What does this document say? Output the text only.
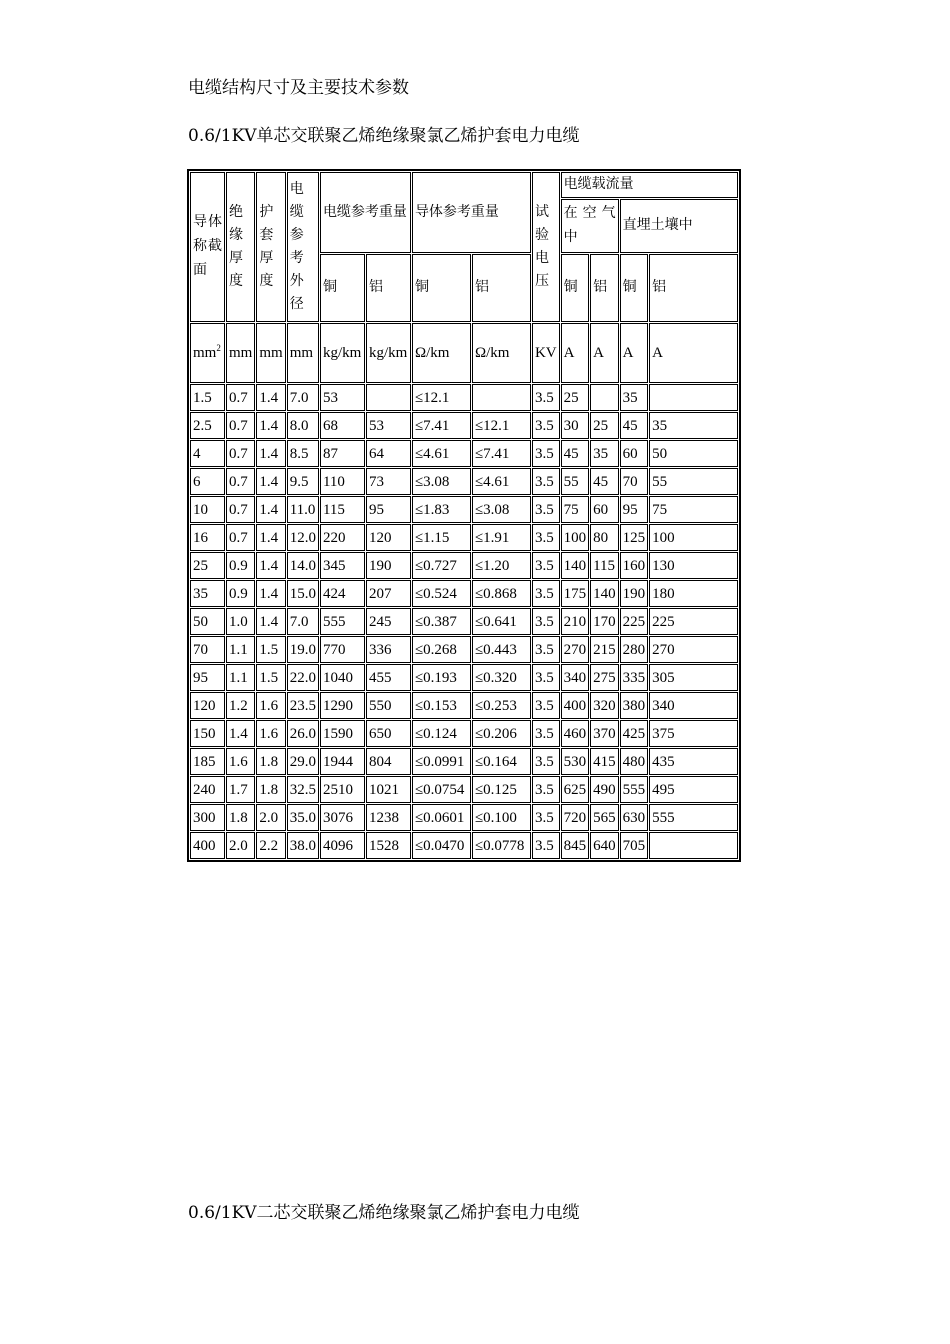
电缆结构尺寸及主要技术参数
0.6/1KV单芯交联聚乙烯绝缘聚氯乙烯护套电力电缆
导体称截面	绝缘厚度	护套厚度	电缆参考外径	电缆参考重量		导体参考重量		试验电压	电缆载流量			
									在空气中		直埋土壤中	
				铜	铝	铜	铝		铜	铝	铜	铝
$mm^2$	mm	mm	mm	kg/km	kg/km	Ω/km	Ω/km	KV	A	A	A	A
1.5	0.7	1.4	7.0	53		≤12.1		3.5	25		35	
2.5	0.7	1.4	8.0	68	53	≤7.41	≤12.1	3.5	30	25	45	35
4	0.7	1.4	8.5	87	64	≤4.61	≤7.41	3.5	45	35	60	50
6	0.7	1.4	9.5	110	73	≤3.08	≤4.61	3.5	55	45	70	55
10	0.7	1.4	11.0	115	95	≤1.83	≤3.08	3.5	75	60	95	75
16	0.7	1.4	12.0	220	120	≤1.15	≤1.91	3.5	100	80	125	100
25	0.9	1.4	14.0	345	190	≤0.727	≤1.20	3.5	140	115	160	130
35	0.9	1.4	15.0	424	207	≤0.524	≤0.868	3.5	175	140	190	180
50	1.0	1.4	7.0	555	245	≤0.387	≤0.641	3.5	210	170	225	225
70	1.1	1.5	19.0	770	336	≤0.268	≤0.443	3.5	270	215	280	270
95	1.1	1.5	22.0	1040	455	≤0.193	≤0.320	3.5	340	275	335	305
120	1.2	1.6	23.5	1290	550	≤0.153	≤0.253	3.5	400	320	380	340
150	1.4	1.6	26.0	1590	650	≤0.124	≤0.206	3.5	460	370	425	375
185	1.6	1.8	29.0	1944	804	≤0.0991	≤0.164	3.5	530	415	480	435
240	1.7	1.8	32.5	2510	1021	≤0.0754	≤0.125	3.5	625	490	555	495
300	1.8	2.0	35.0	3076	1238	≤0.0601	≤0.100	3.5	720	565	630	555
400	2.0	2.2	38.0	4096	1528	≤0.0470	≤0.0778	3.5	845	640	705	
0.6/1KV二芯交联聚乙烯绝缘聚氯乙烯护套电力电缆
